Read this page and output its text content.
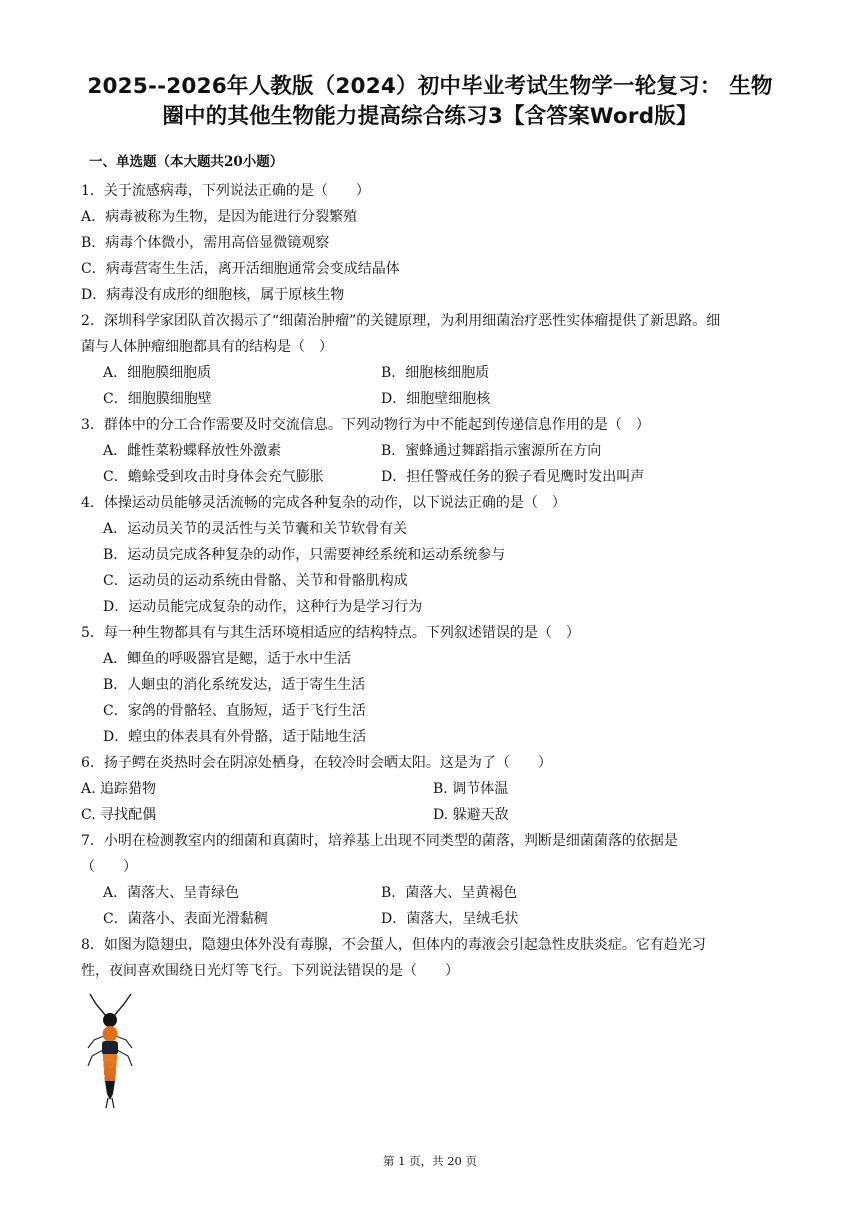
2025--2026年人教版（2024）初中毕业考试生物学一轮复习： 生物
圈中的其他生物能力提高综合练习3【含答案Word版】
一、单选题（本大题共20小题）
1．关于流感病毒，下列说法正确的是（　　）
A．病毒被称为生物，是因为能进行分裂繁殖
B．病毒个体微小，需用高倍显微镜观察
C．病毒营寄生生活，离开活细胞通常会变成结晶体
D．病毒没有成形的细胞核，属于原核生物
2．深圳科学家团队首次揭示了“细菌治肿瘤”的关键原理，为利用细菌治疗恶性实体瘤提供了新思路。细
菌与人体肿瘤细胞都具有的结构是（　）
A．细胞膜细胞质	B．细胞核细胞质
C．细胞膜细胞壁	D．细胞壁细胞核
3．群体中的分工合作需要及时交流信息。下列动物行为中不能起到传递信息作用的是（　）
A．雌性菜粉蝶释放性外激素	B．蜜蜂通过舞蹈指示蜜源所在方向
C．蟾蜍受到攻击时身体会充气膨胀	D．担任警戒任务的猴子看见鹰时发出叫声
4．体操运动员能够灵活流畅的完成各种复杂的动作，以下说法正确的是（　）
A．运动员关节的灵活性与关节囊和关节软骨有关
B．运动员完成各种复杂的动作，只需要神经系统和运动系统参与
C．运动员的运动系统由骨骼、关节和骨骼肌构成
D．运动员能完成复杂的动作，这种行为是学习行为
5．每一种生物都具有与其生活环境相适应的结构特点。下列叙述错误的是（　）
A．鲫鱼的呼吸器官是鳃，适于水中生活
B．人蛔虫的消化系统发达，适于寄生生活
C．家鸽的骨骼轻、直肠短，适于飞行生活
D．蝗虫的体表具有外骨骼，适于陆地生活
6．扬子鳄在炎热时会在阴凉处栖身，在较冷时会晒太阳。这是为了（　　）
A. 追踪猎物	B. 调节体温
C. 寻找配偶	D. 躲避天敌
7．小明在检测教室内的细菌和真菌时，培养基上出现不同类型的菌落，判断是细菌菌落的依据是
（　　）
A．菌落大、呈青绿色	B．菌落大、呈黄褐色
C．菌落小、表面光滑黏稠	D．菌落大，呈绒毛状
8．如图为隐翅虫，隐翅虫体外没有毒腺，不会蜇人，但体内的毒液会引起急性皮肤炎症。它有趋光习
性，夜间喜欢围绕日光灯等飞行。下列说法错误的是（　　）
第 1 页，共 20 页
